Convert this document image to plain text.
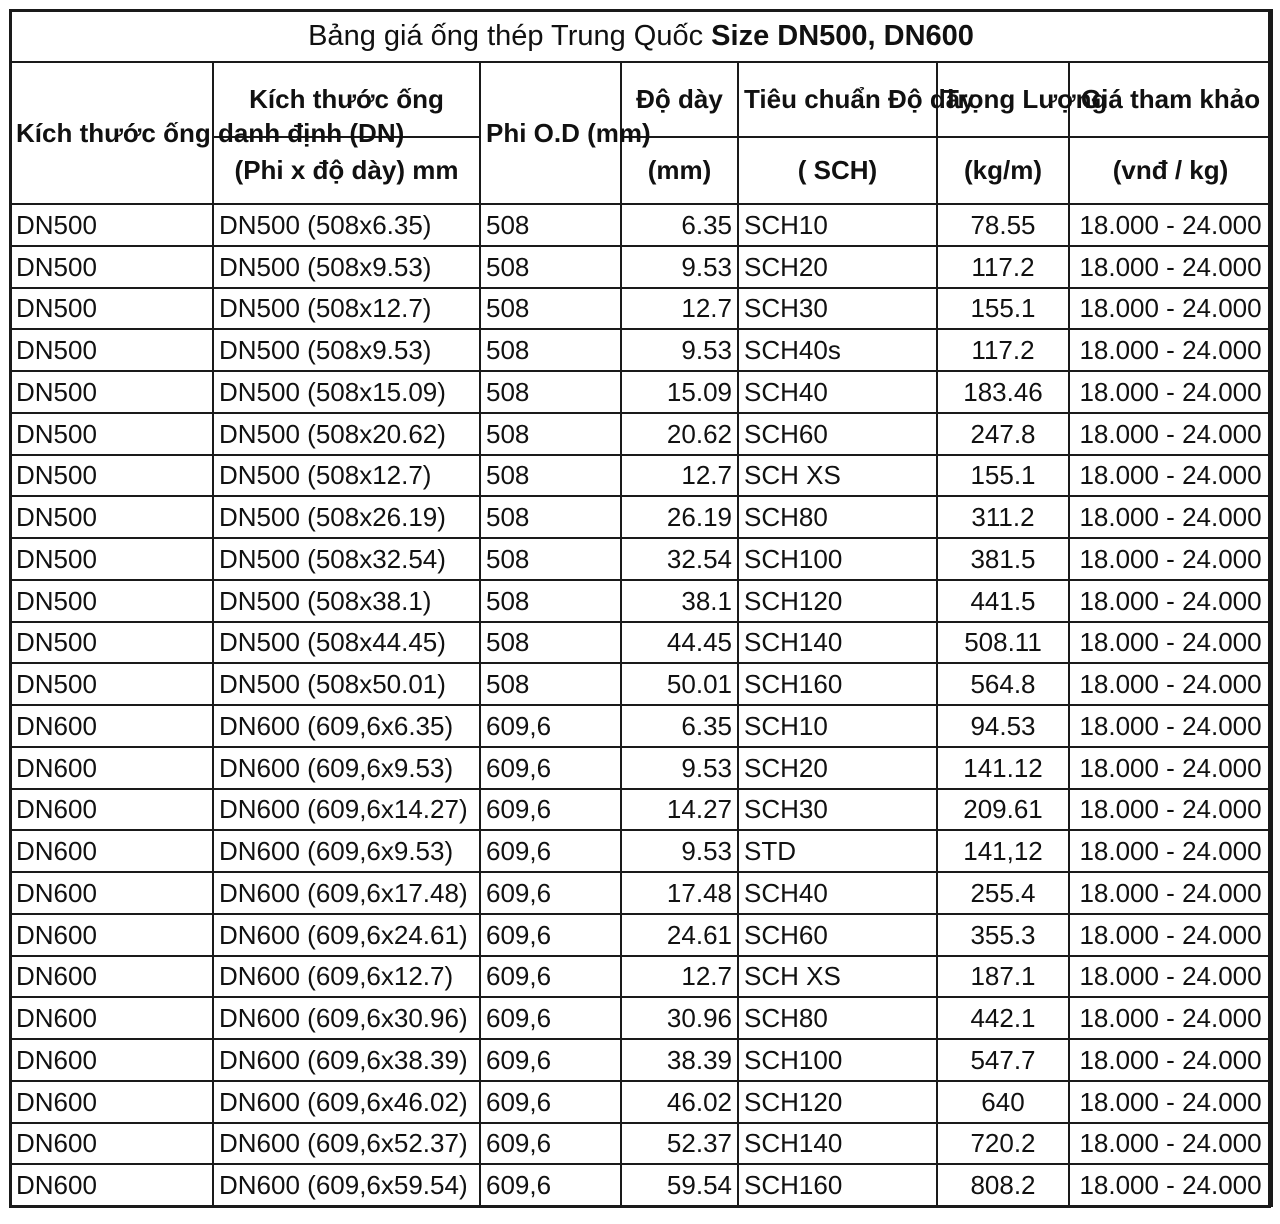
Bảng giá ống thép Trung Quốc Size DN500, DN600						
Kích thước ống danh định (DN)	Kích thước ống	Phi O.D (mm)	Độ dày	Tiêu chuẩn Độ dày	Trọng Lượng	Giá tham khảo
	(Phi x độ dày) mm		(mm)	( SCH)	(kg/m)	(vnđ / kg)
DN500	DN500 (508x6.35)	508	6.35	SCH10	78.55	18.000 - 24.000
DN500	DN500 (508x9.53)	508	9.53	SCH20	117.2	18.000 - 24.000
DN500	DN500 (508x12.7)	508	12.7	SCH30	155.1	18.000 - 24.000
DN500	DN500 (508x9.53)	508	9.53	SCH40s	117.2	18.000 - 24.000
DN500	DN500 (508x15.09)	508	15.09	SCH40	183.46	18.000 - 24.000
DN500	DN500 (508x20.62)	508	20.62	SCH60	247.8	18.000 - 24.000
DN500	DN500 (508x12.7)	508	12.7	SCH XS	155.1	18.000 - 24.000
DN500	DN500 (508x26.19)	508	26.19	SCH80	311.2	18.000 - 24.000
DN500	DN500 (508x32.54)	508	32.54	SCH100	381.5	18.000 - 24.000
DN500	DN500 (508x38.1)	508	38.1	SCH120	441.5	18.000 - 24.000
DN500	DN500 (508x44.45)	508	44.45	SCH140	508.11	18.000 - 24.000
DN500	DN500 (508x50.01)	508	50.01	SCH160	564.8	18.000 - 24.000
DN600	DN600 (609,6x6.35)	609,6	6.35	SCH10	94.53	18.000 - 24.000
DN600	DN600 (609,6x9.53)	609,6	9.53	SCH20	141.12	18.000 - 24.000
DN600	DN600 (609,6x14.27)	609,6	14.27	SCH30	209.61	18.000 - 24.000
DN600	DN600 (609,6x9.53)	609,6	9.53	STD	141,12	18.000 - 24.000
DN600	DN600 (609,6x17.48)	609,6	17.48	SCH40	255.4	18.000 - 24.000
DN600	DN600 (609,6x24.61)	609,6	24.61	SCH60	355.3	18.000 - 24.000
DN600	DN600 (609,6x12.7)	609,6	12.7	SCH XS	187.1	18.000 - 24.000
DN600	DN600 (609,6x30.96)	609,6	30.96	SCH80	442.1	18.000 - 24.000
DN600	DN600 (609,6x38.39)	609,6	38.39	SCH100	547.7	18.000 - 24.000
DN600	DN600 (609,6x46.02)	609,6	46.02	SCH120	640	18.000 - 24.000
DN600	DN600 (609,6x52.37)	609,6	52.37	SCH140	720.2	18.000 - 24.000
DN600	DN600 (609,6x59.54)	609,6	59.54	SCH160	808.2	18.000 - 24.000
